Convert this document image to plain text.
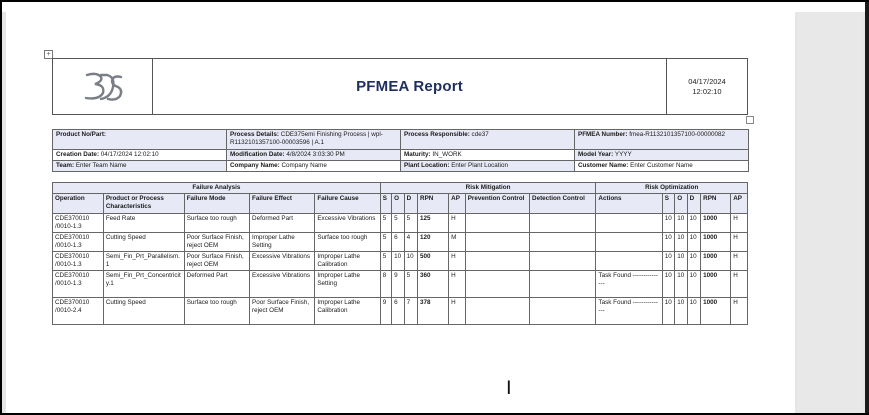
+
PFMEA Report	04/17/2024
12:02:10
Product No/Part:	Process Details: CDE375emi Finishing Process | wpl-R1132101357100-00003596 | A.1	Process Responsible: cde37	PFMEA Number: fmea-R1132101357100-00000082
Creation Date: 04/17/2024 12:02:10	Modification Date: 4/8/2024 3:03:30 PM	Maturity: IN_WORK	Model Year: YYYY
Team: Enter Team Name	Company Name: Company Name	Plant Location: Enter Plant Location	Customer Name: Enter Customer Name
Failure Analysis					Risk Mitigation							Risk Optimization					
Operation	Product or Process Characteristics	Failure Mode	Failure Effect	Failure Cause	S	O	D	RPN	AP	Prevention Control	Detection Control	Actions	S	O	D	RPN	AP
CDE370010 /0010-1.3	Feed Rate	Surface too rough	Deformed Part	Excessive Vibrations	5	5	5	125	H				10	10	10	1000	H
CDE370010 /0010-1.3	Cutting Speed	Poor Surface Finish, reject OEM	Improper Lathe Setting	Surface too rough	5	6	4	120	M				10	10	10	1000	H
CDE370010 /0010-1.3	Semi_Fin_Prt_Parallelism.1	Poor Surface Finish, reject OEM	Excessive Vibrations	Improper Lathe Calibration	5	10	10	500	H				10	10	10	1000	H
CDE370010 /0010-1.3	Semi_Fin_Prt_Concentricity.1	Deformed Part	Excessive Vibrations	Improper Lathe Setting	8	9	5	360	H			Task Found ---------------	10	10	10	1000	H
CDE370010 /0010-2.4	Cutting Speed	Surface too rough	Poor Surface Finish, reject OEM	Improper Lathe Calibration	9	6	7	378	H			Task Found ---------------	10	10	10	1000	H
I
